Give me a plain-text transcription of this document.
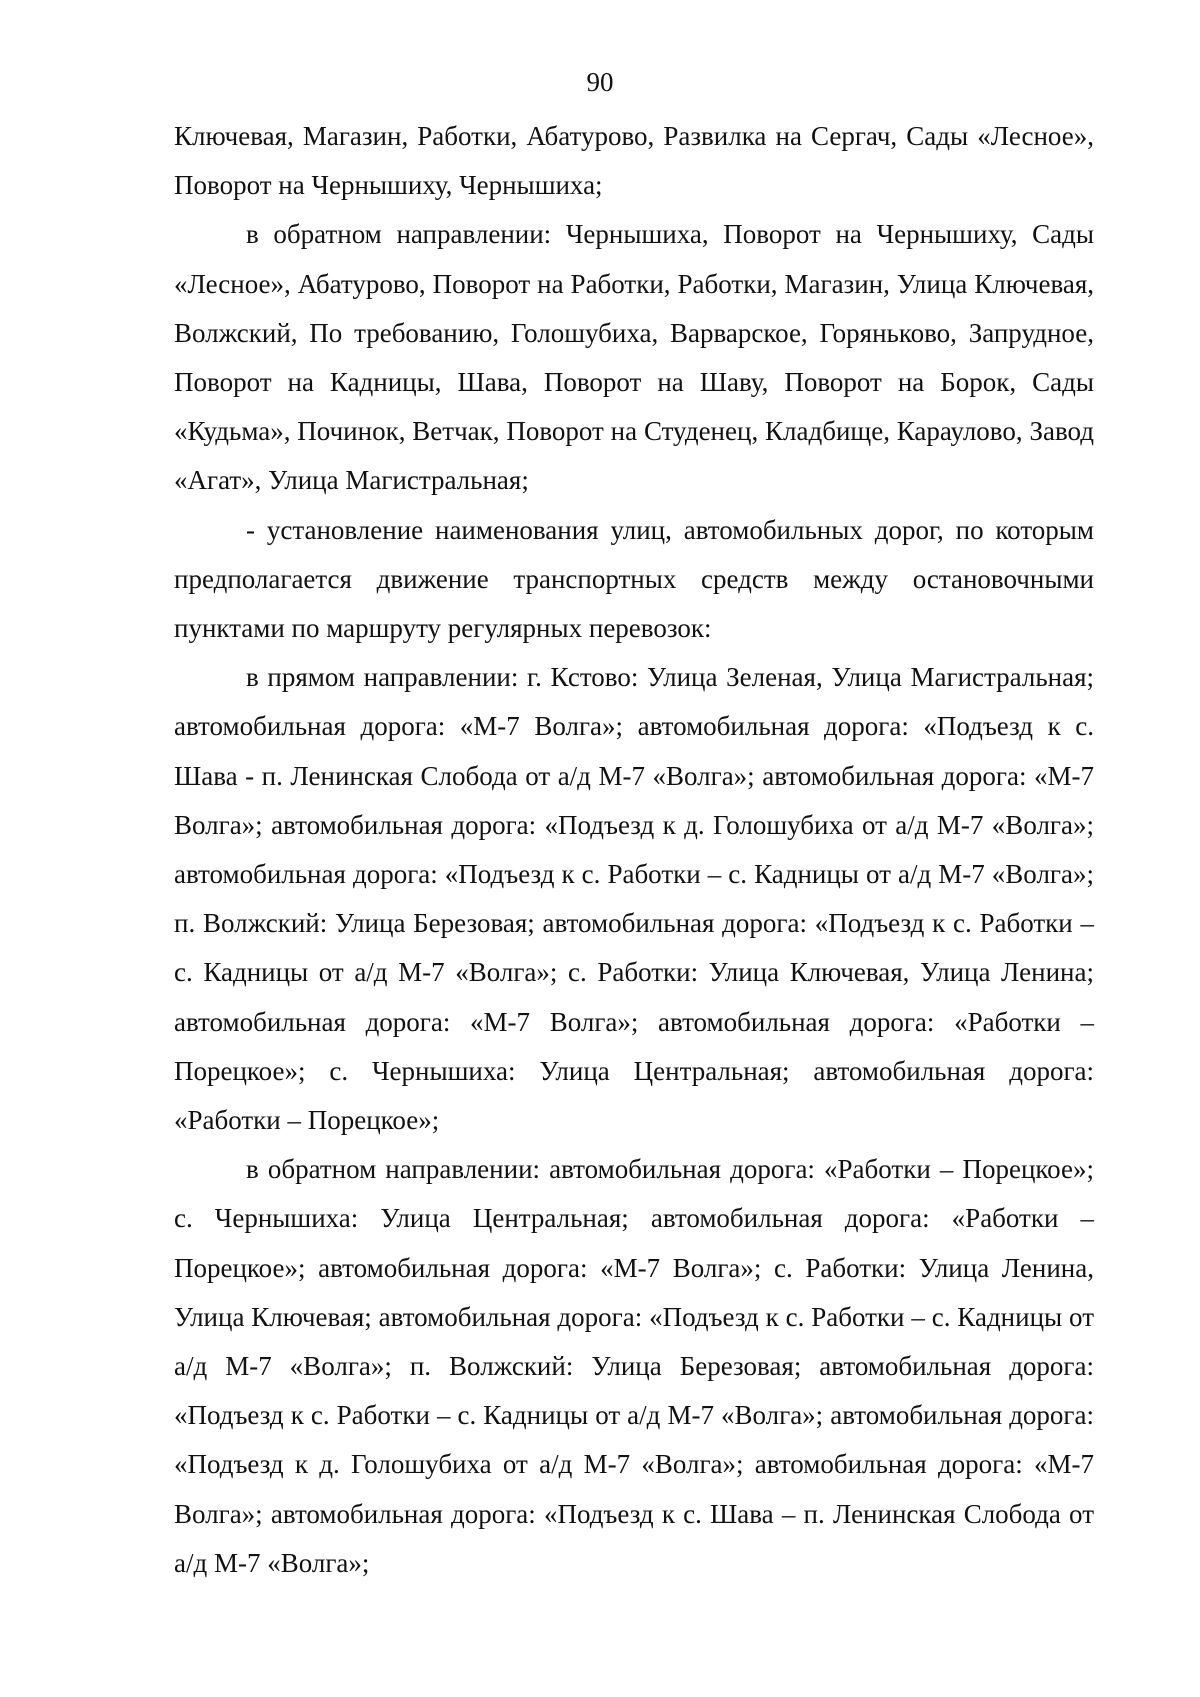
90

Ключевая, Магазин, Работки, Абатурово, Развилка на Сергач, Сады «Лесное», Поворот на Чернышиху, Чернышиха;

в обратном направлении: Чернышиха, Поворот на Чернышиху, Сады «Лесное», Абатурово, Поворот на Работки, Работки, Магазин, Улица Ключевая, Волжский, По требованию, Голошубиха, Варварское, Горяньково, Запрудное, Поворот на Кадницы, Шава, Поворот на Шаву, Поворот на Борок, Сады «Кудьма», Починок, Ветчак, Поворот на Студенец, Кладбище, Караулово, Завод «Агат», Улица Магистральная;

- установление наименования улиц, автомобильных дорог, по которым предполагается движение транспортных средств между остановочными пунктами по маршруту регулярных перевозок:

в прямом направлении: г. Кстово: Улица Зеленая, Улица Магистральная; автомобильная дорога: «М-7 Волга»; автомобильная дорога: «Подъезд к с. Шава - п. Ленинская Слобода от а/д М-7 «Волга»; автомобильная дорога: «М-7 Волга»; автомобильная дорога: «Подъезд к д. Голошубиха от а/д М-7 «Волга»; автомобильная дорога: «Подъезд к с. Работки – с. Кадницы от а/д М-7 «Волга»; п. Волжский: Улица Березовая; автомобильная дорога: «Подъезд к с. Работки – с. Кадницы от а/д М-7 «Волга»; с. Работки: Улица Ключевая, Улица Ленина; автомобильная дорога: «М-7 Волга»; автомобильная дорога: «Работки – Порецкое»; с. Чернышиха: Улица Центральная; автомобильная дорога: «Работки – Порецкое»;

в обратном направлении: автомобильная дорога: «Работки – Порецкое»; с. Чернышиха: Улица Центральная; автомобильная дорога: «Работки – Порецкое»; автомобильная дорога: «М-7 Волга»; с. Работки: Улица Ленина, Улица Ключевая; автомобильная дорога: «Подъезд к с. Работки – с. Кадницы от а/д М-7 «Волга»; п. Волжский: Улица Березовая; автомобильная дорога: «Подъезд к с. Работки – с. Кадницы от а/д М-7 «Волга»; автомобильная дорога: «Подъезд к д. Голошубиха от а/д М-7 «Волга»; автомобильная дорога: «М-7 Волга»; автомобильная дорога: «Подъезд к с. Шава – п. Ленинская Слобода от а/д М-7 «Волга»;
